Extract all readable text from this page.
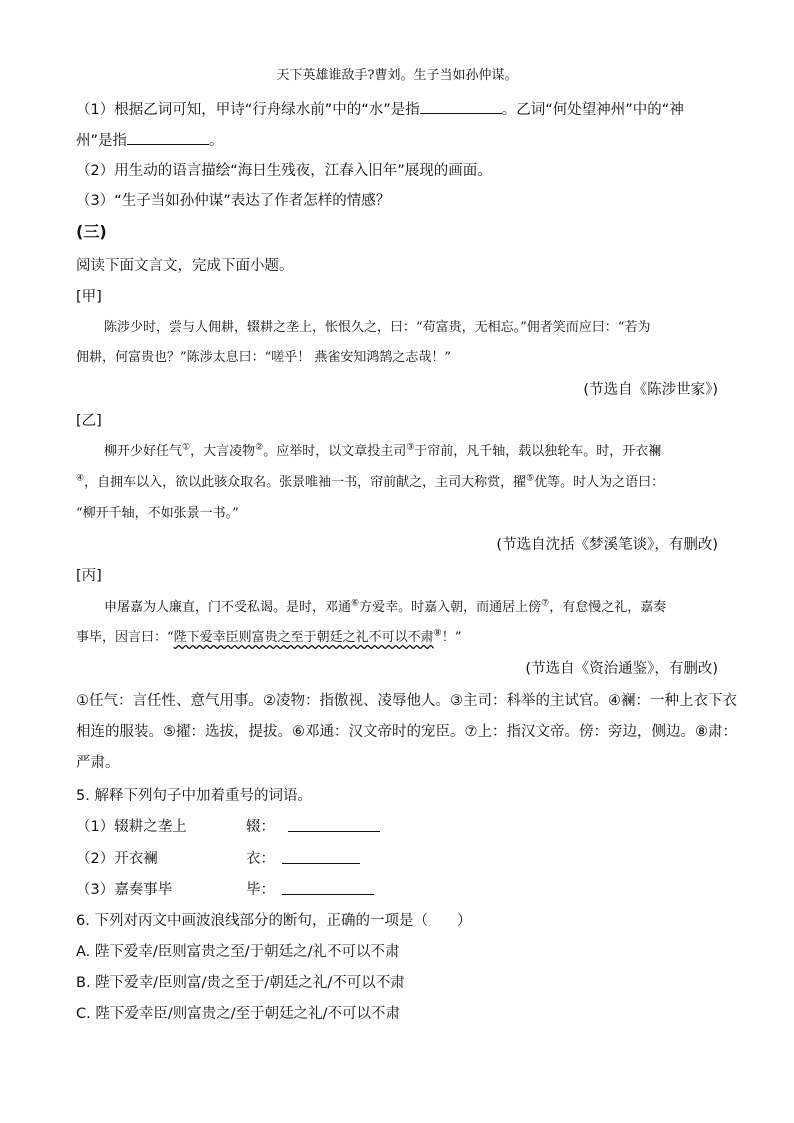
天下英雄谁敌手?曹刘。生子当如孙仲谋。
（1）根据乙词可知，甲诗“行舟绿水前”中的“水”是指	。乙词“何处望神州”中的“神
州”是指	。
（2）用生动的语言描绘“海日生残夜，江春入旧年”展现的画面。
（3）“生子当如孙仲谋”表达了作者怎样的情感？
(三)
阅读下面文言文，完成下面小题。
[甲]
陈涉少时，尝与人佣耕，辍耕之垄上，怅恨久之，曰：“苟富贵，无相忘。”佣者笑而应曰：“若为
佣耕，何富贵也？”陈涉太息曰：“嗟乎！ 燕雀安知鸿鹄之志哉！”
(节选自《陈涉世家》)
[乙]
柳开少好任气①，大言凌物②。应举时，以文章投主司③于帘前，凡千轴，载以独轮车。时，开衣襕
④，自拥车以入，欲以此骇众取名。张景唯袖一书，帘前献之，主司大称赏，擢⑤优等。时人为之语曰：
“柳开千轴，不如张景一书。”
(节选自沈括《梦溪笔谈》，有删改)
[丙]
申屠嘉为人廉直，门不受私谒。是时，邓通⑥方爱幸。时嘉入朝，而通居上傍⑦，有怠慢之礼，嘉奏
事毕，因言曰：“陛下爱幸臣则富贵之至于朝廷之礼不可以不肃⑧！”
(节选自《资治通鉴》，有删改)
①任气：言任性、意气用事。②凌物：指傲视、凌辱他人。③主司：科举的主试官。④襕：一种上衣下衣
相连的服装。⑤擢：选拔，提拔。⑥邓通：汉文帝时的宠臣。⑦上：指汉文帝。傍：旁边，侧边。⑧肃：
严肃。
5. 解释下列句子中加着重号的词语。
（1）辍耕之垄上	辍：
（2）开衣襕	衣：
（3）嘉奏事毕	毕：
6. 下列对丙文中画波浪线部分的断句，正确的一项是（　　）
A. 陛下爱幸/臣则富贵之至/于朝廷之/礼不可以不肃
B. 陛下爱幸/臣则富/贵之至于/朝廷之礼/不可以不肃
C. 陛下爱幸臣/则富贵之/至于朝廷之礼/不可以不肃
